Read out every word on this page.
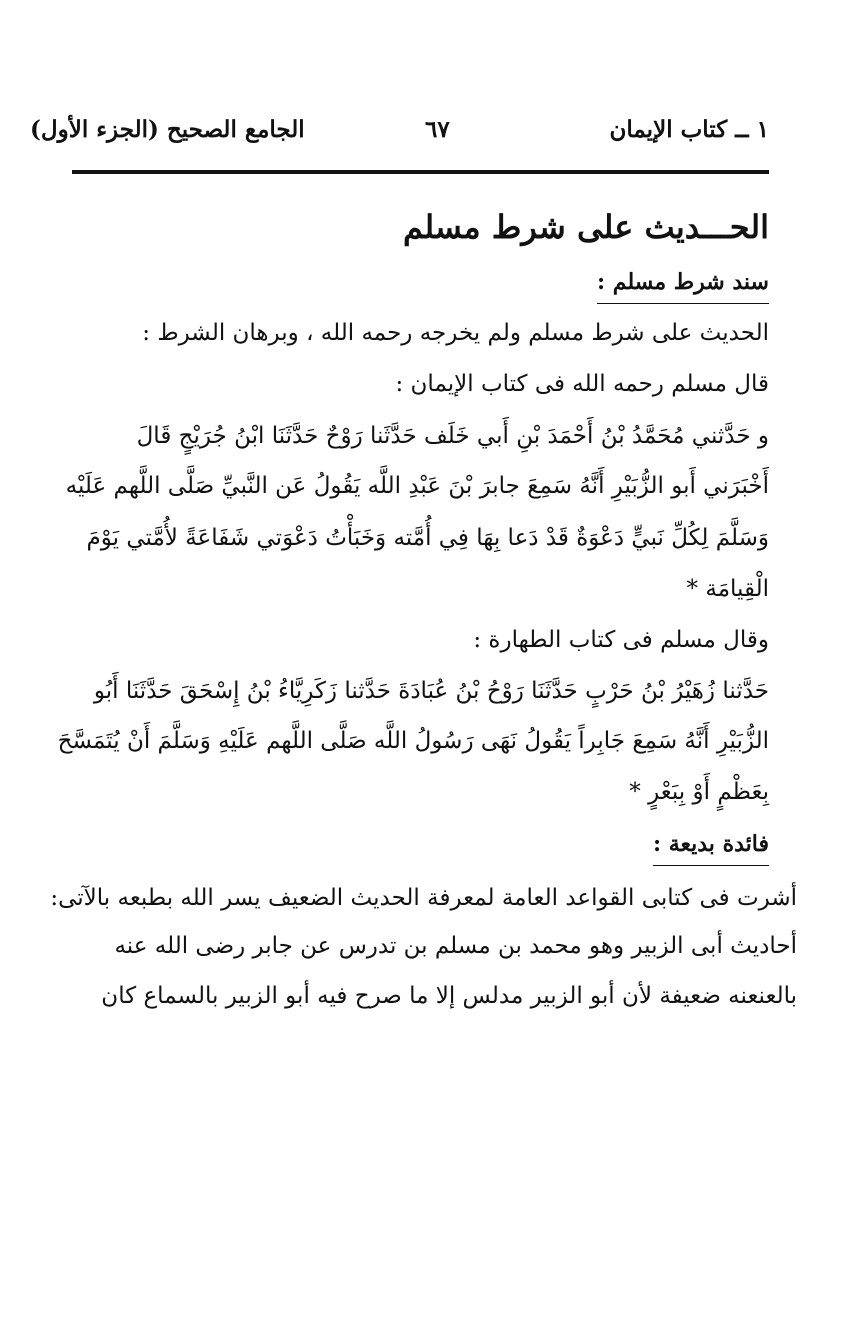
١ ــ كتاب الإيمان
٦٧
الجامع الصحيح (الجزء الأول)
الحـــديث على شرط مسلم
سند شرط مسلم :
الحديث على شرط مسلم ولم يخرجه رحمه الله ، وبرهان الشرط :
قال مسلم رحمه الله فى كتاب الإيمان :
و حَدَّثني مُحَمَّدُ بْنُ أَحْمَدَ بْنِ أَبي خَلَف حَدَّثَنا رَوْحٌ حَدَّثَنَا ابْنُ جُرَيْجٍ قَالَ
أَخْبَرَني أَبو الزُّبَيْرِ أَنَّهُ سَمِعَ جابرَ بْنَ عَبْدِ اللَّه يَقُولُ عَن النَّبيِّ صَلَّى اللَّهم عَلَيْه
وَسَلَّمَ لِكُلِّ نَبيٍّ دَعْوَةٌ قَدْ دَعا بِهَا فِي أُمَّته وَخَبَأْتُ دَعْوَتي شَفَاعَةً لأُمَّتي يَوْمَ
الْقِيامَة *
وقال مسلم فى كتاب الطهارة :
حَدَّثنا زُهَيْرُ بْنُ حَرْبٍ حَدَّثَنَا رَوْحُ بْنُ عُبَادَةَ حَدَّثنا زَكَرِيَّاءُ بْنُ إِسْحَقَ حَدَّثَنَا أَبُو
الزُّبَيْرِ أَنَّهُ سَمِعَ جَابِراً يَقُولُ نَهَى رَسُولُ اللَّه صَلَّى اللَّهم عَلَيْهِ وَسَلَّمَ أَنْ يُتَمَسَّحَ
بِعَظْمٍ أَوْ بِبَعْرٍ *
فائدة بديعة :
أشرت فى كتابى القواعد العامة لمعرفة الحديث الضعيف يسر الله بطبعه بالآتى:
أحاديث أبى الزبير وهو محمد بن مسلم بن تدرس عن جابر رضى الله عنه
بالعنعنه ضعيفة لأن أبو الزبير مدلس إلا ما صرح فيه أبو الزبير بالسماع كان
